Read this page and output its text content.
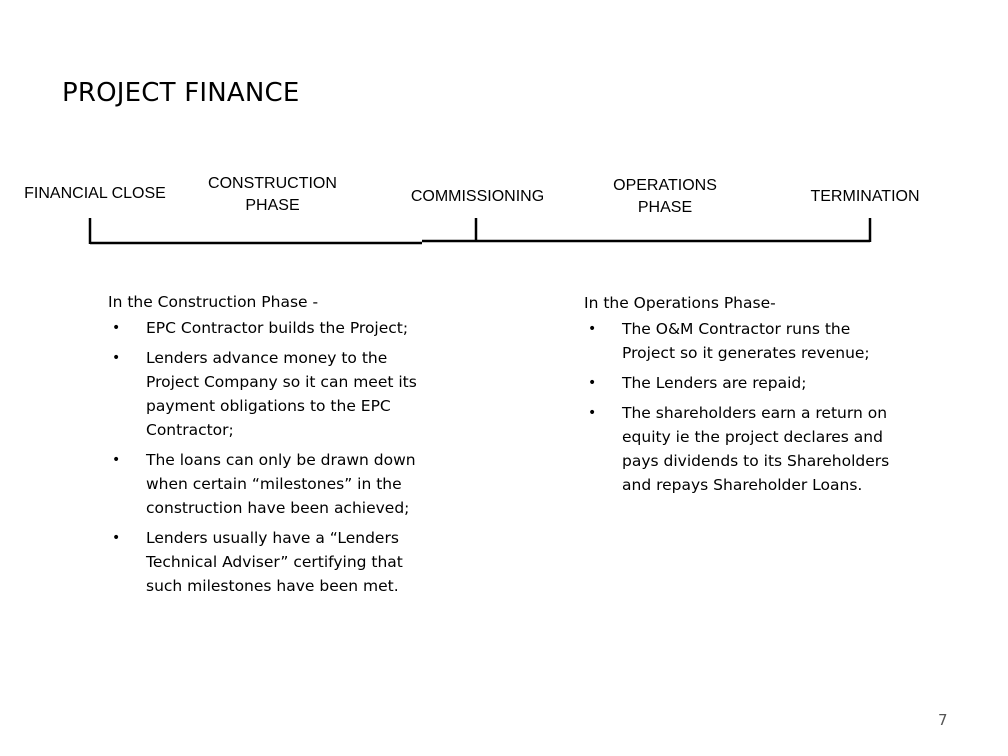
PROJECT FINANCE
FINANCIAL CLOSE
CONSTRUCTION PHASE
COMMISSIONING
OPERATIONS PHASE
TERMINATION

In the Construction Phase -

• EPC Contractor builds the Project;
• Lenders advance money to the Project Company so it can meet its payment obligations to the EPC Contractor;
• The loans can only be drawn down when certain “milestones” in the construction have been achieved;
• Lenders usually have a “Lenders Technical Adviser” certifying that such milestones have been met.

In the Operations Phase-

• The O&M Contractor runs the Project so it generates revenue;
• The Lenders are repaid;
• The shareholders earn a return on equity ie the project declares and pays dividends to its Shareholders and repays Shareholder Loans.
7
